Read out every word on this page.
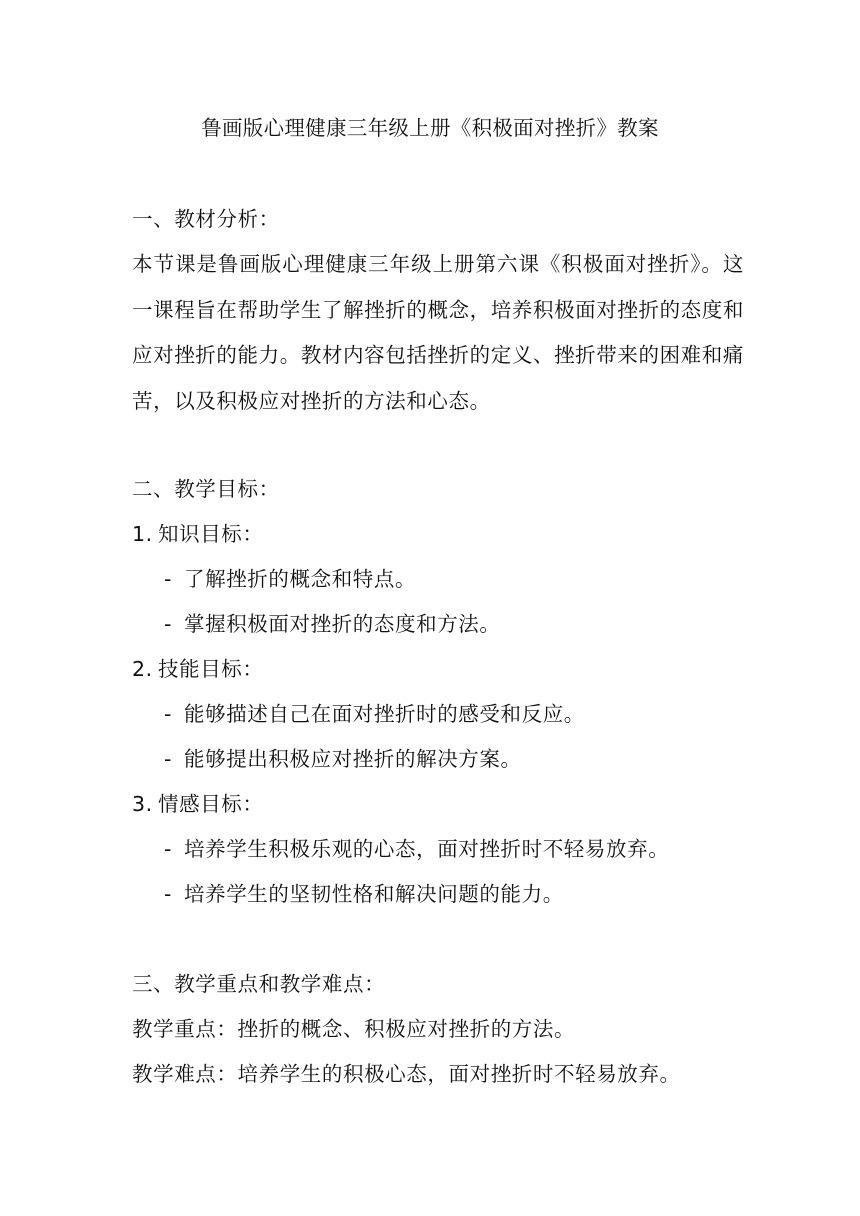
鲁画版心理健康三年级上册《积极面对挫折》教案
一、教材分析：
本节课是鲁画版心理健康三年级上册第六课《积极面对挫折》。这一课程旨在帮助学生了解挫折的概念，培养积极面对挫折的态度和应对挫折的能力。教材内容包括挫折的定义、挫折带来的困难和痛苦，以及积极应对挫折的方法和心态。
二、教学目标：
1. 知识目标：
- 了解挫折的概念和特点。
- 掌握积极面对挫折的态度和方法。
2. 技能目标：
- 能够描述自己在面对挫折时的感受和反应。
- 能够提出积极应对挫折的解决方案。
3. 情感目标：
- 培养学生积极乐观的心态，面对挫折时不轻易放弃。
- 培养学生的坚韧性格和解决问题的能力。
三、教学重点和教学难点：
教学重点：挫折的概念、积极应对挫折的方法。
教学难点：培养学生的积极心态，面对挫折时不轻易放弃。
